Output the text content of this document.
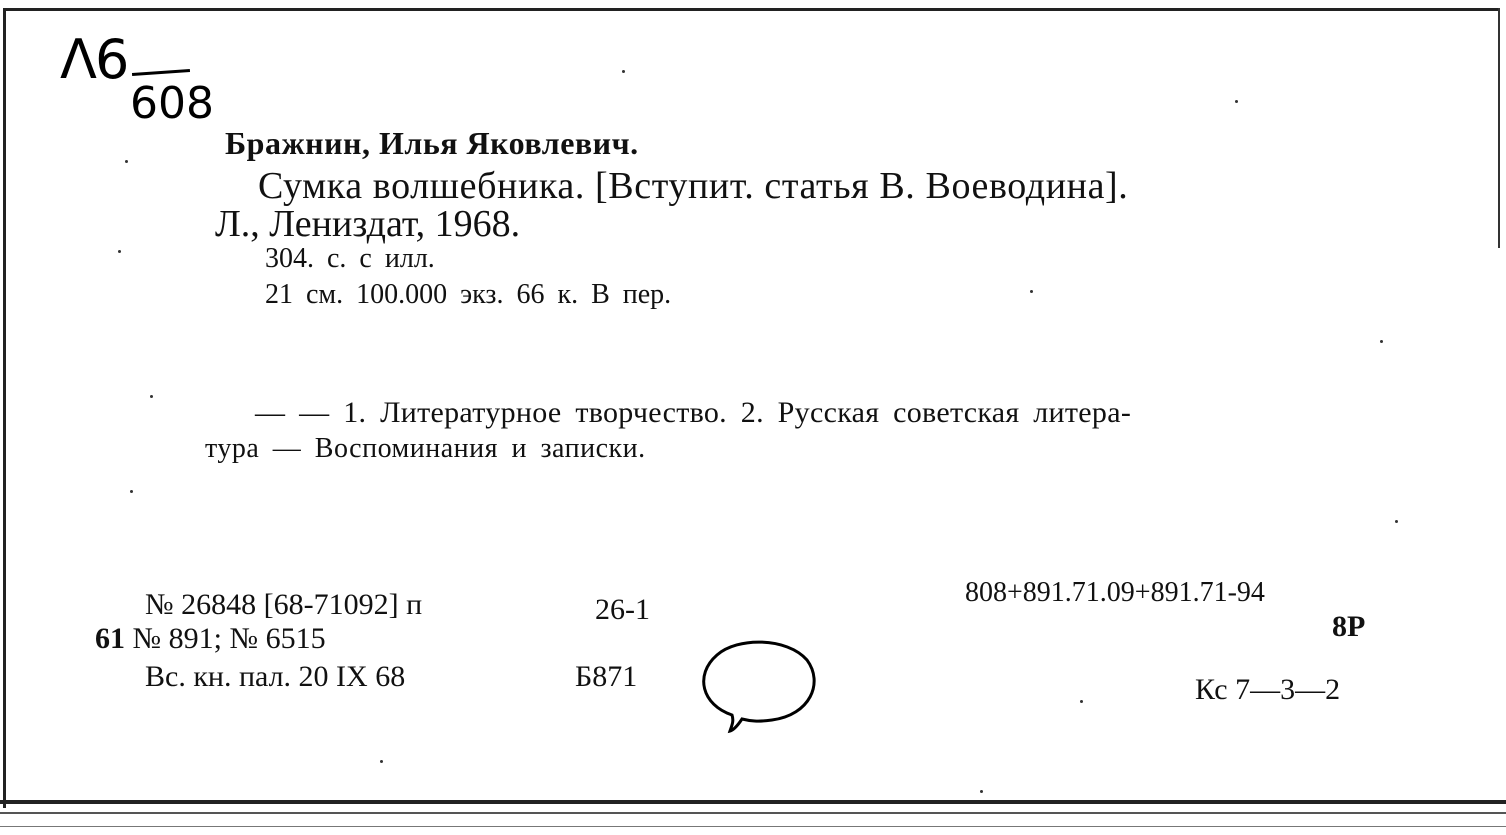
Λ6
608
Бражнин, Илья Яковлевич.
Сумка волшебника. [Вступит. статья В. Воеводина].
Л., Лениздат, 1968.
304. с. с илл.
21 см. 100.000 экз. 66 к. В пер.
— — 1. Литературное творчество. 2. Русская советская литера-
тура — Воспоминания и записки.
№ 26848 [68-71092] п
61 № 891; № 6515
Вс. кн. пал. 20 IX 68
26-1
Б871
808+891.71.09+891.71-94
8Р
Кс 7—3—2
